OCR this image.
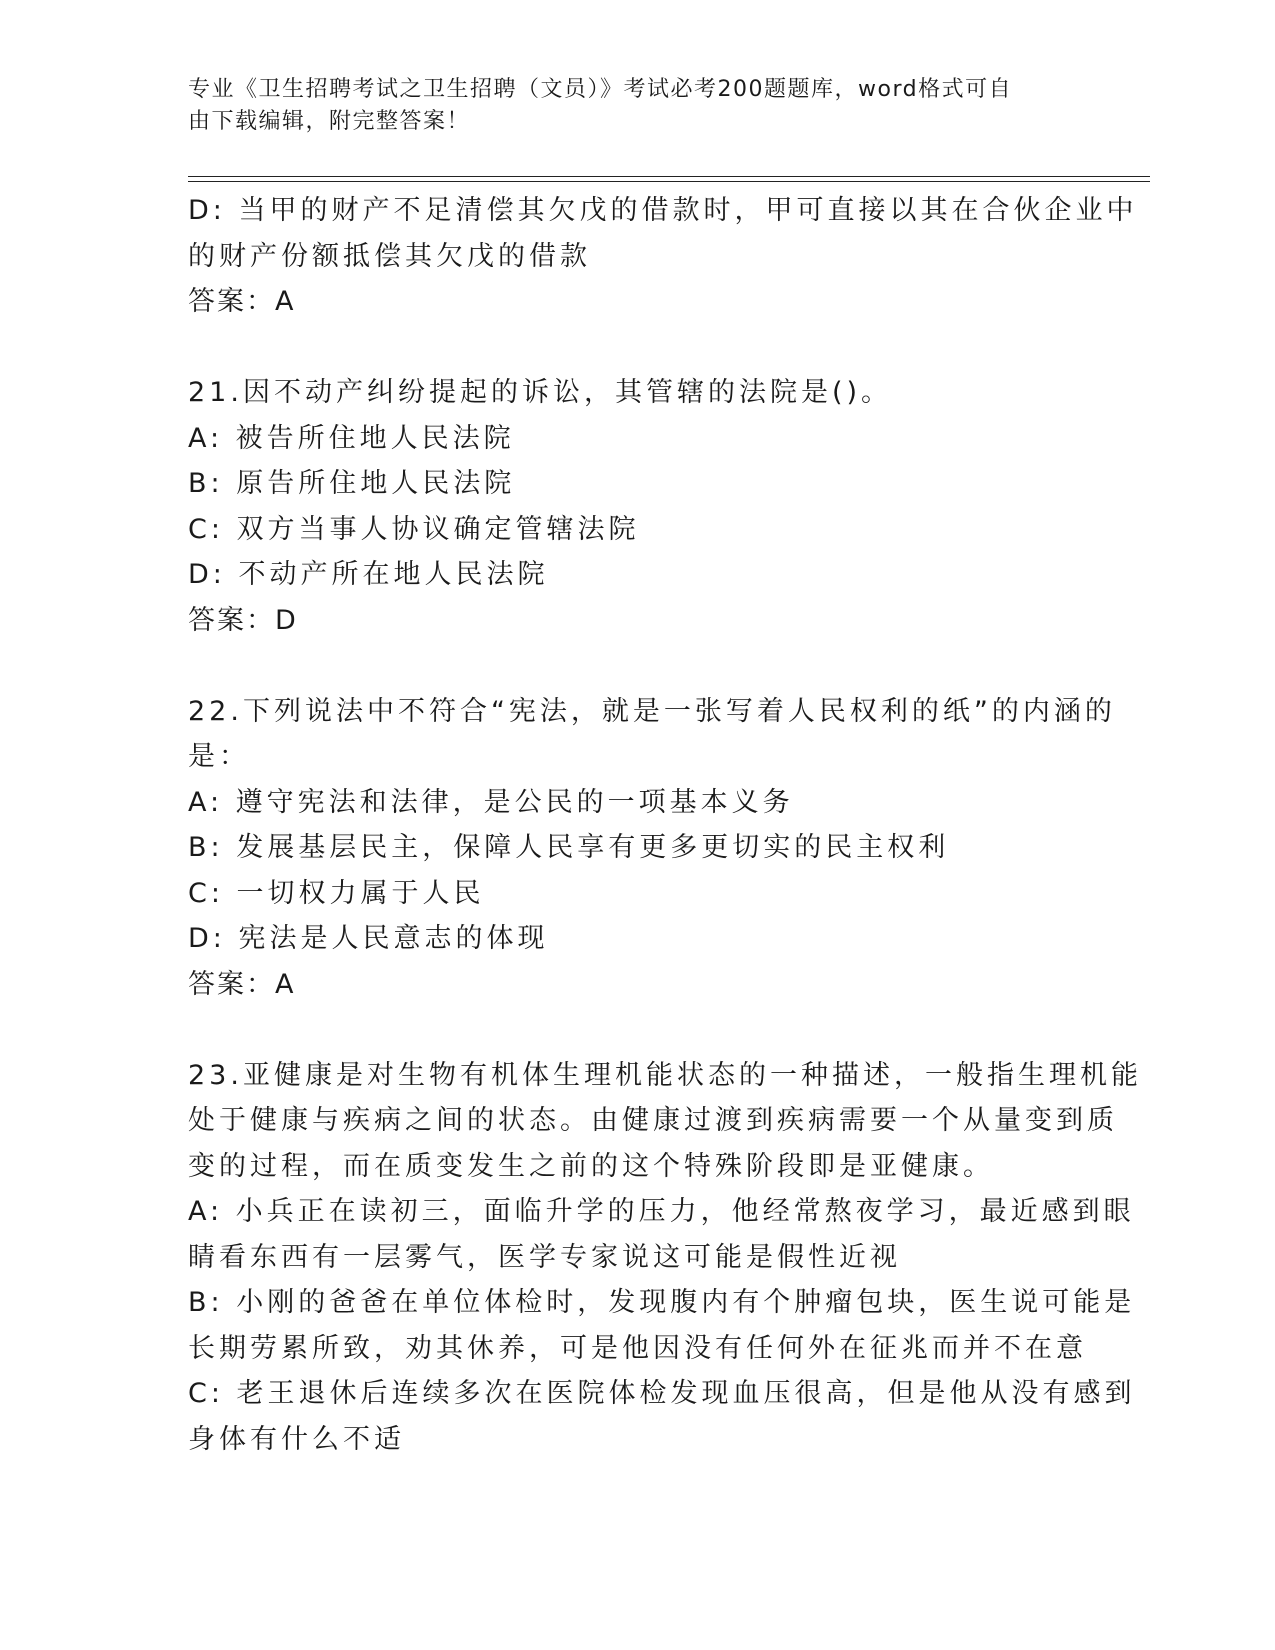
专业《卫生招聘考试之卫生招聘（文员）》考试必考200题题库，word格式可自
由下载编辑，附完整答案！
D: 当甲的财产不足清偿其欠戊的借款时，甲可直接以其在合伙企业中
的财产份额抵偿其欠戊的借款
答案：A
21.因不动产纠纷提起的诉讼，其管辖的法院是()。
A: 被告所住地人民法院
B: 原告所住地人民法院
C: 双方当事人协议确定管辖法院
D: 不动产所在地人民法院
答案：D
22.下列说法中不符合“宪法，就是一张写着人民权利的纸”的内涵的
是：
A: 遵守宪法和法律，是公民的一项基本义务
B: 发展基层民主，保障人民享有更多更切实的民主权利
C: 一切权力属于人民
D: 宪法是人民意志的体现
答案：A
23.亚健康是对生物有机体生理机能状态的一种描述，一般指生理机能
处于健康与疾病之间的状态。由健康过渡到疾病需要一个从量变到质
变的过程，而在质变发生之前的这个特殊阶段即是亚健康。
A: 小兵正在读初三，面临升学的压力，他经常熬夜学习，最近感到眼
睛看东西有一层雾气，医学专家说这可能是假性近视
B: 小刚的爸爸在单位体检时，发现腹内有个肿瘤包块，医生说可能是
长期劳累所致，劝其休养，可是他因没有任何外在征兆而并不在意
C: 老王退休后连续多次在医院体检发现血压很高，但是他从没有感到
身体有什么不适
